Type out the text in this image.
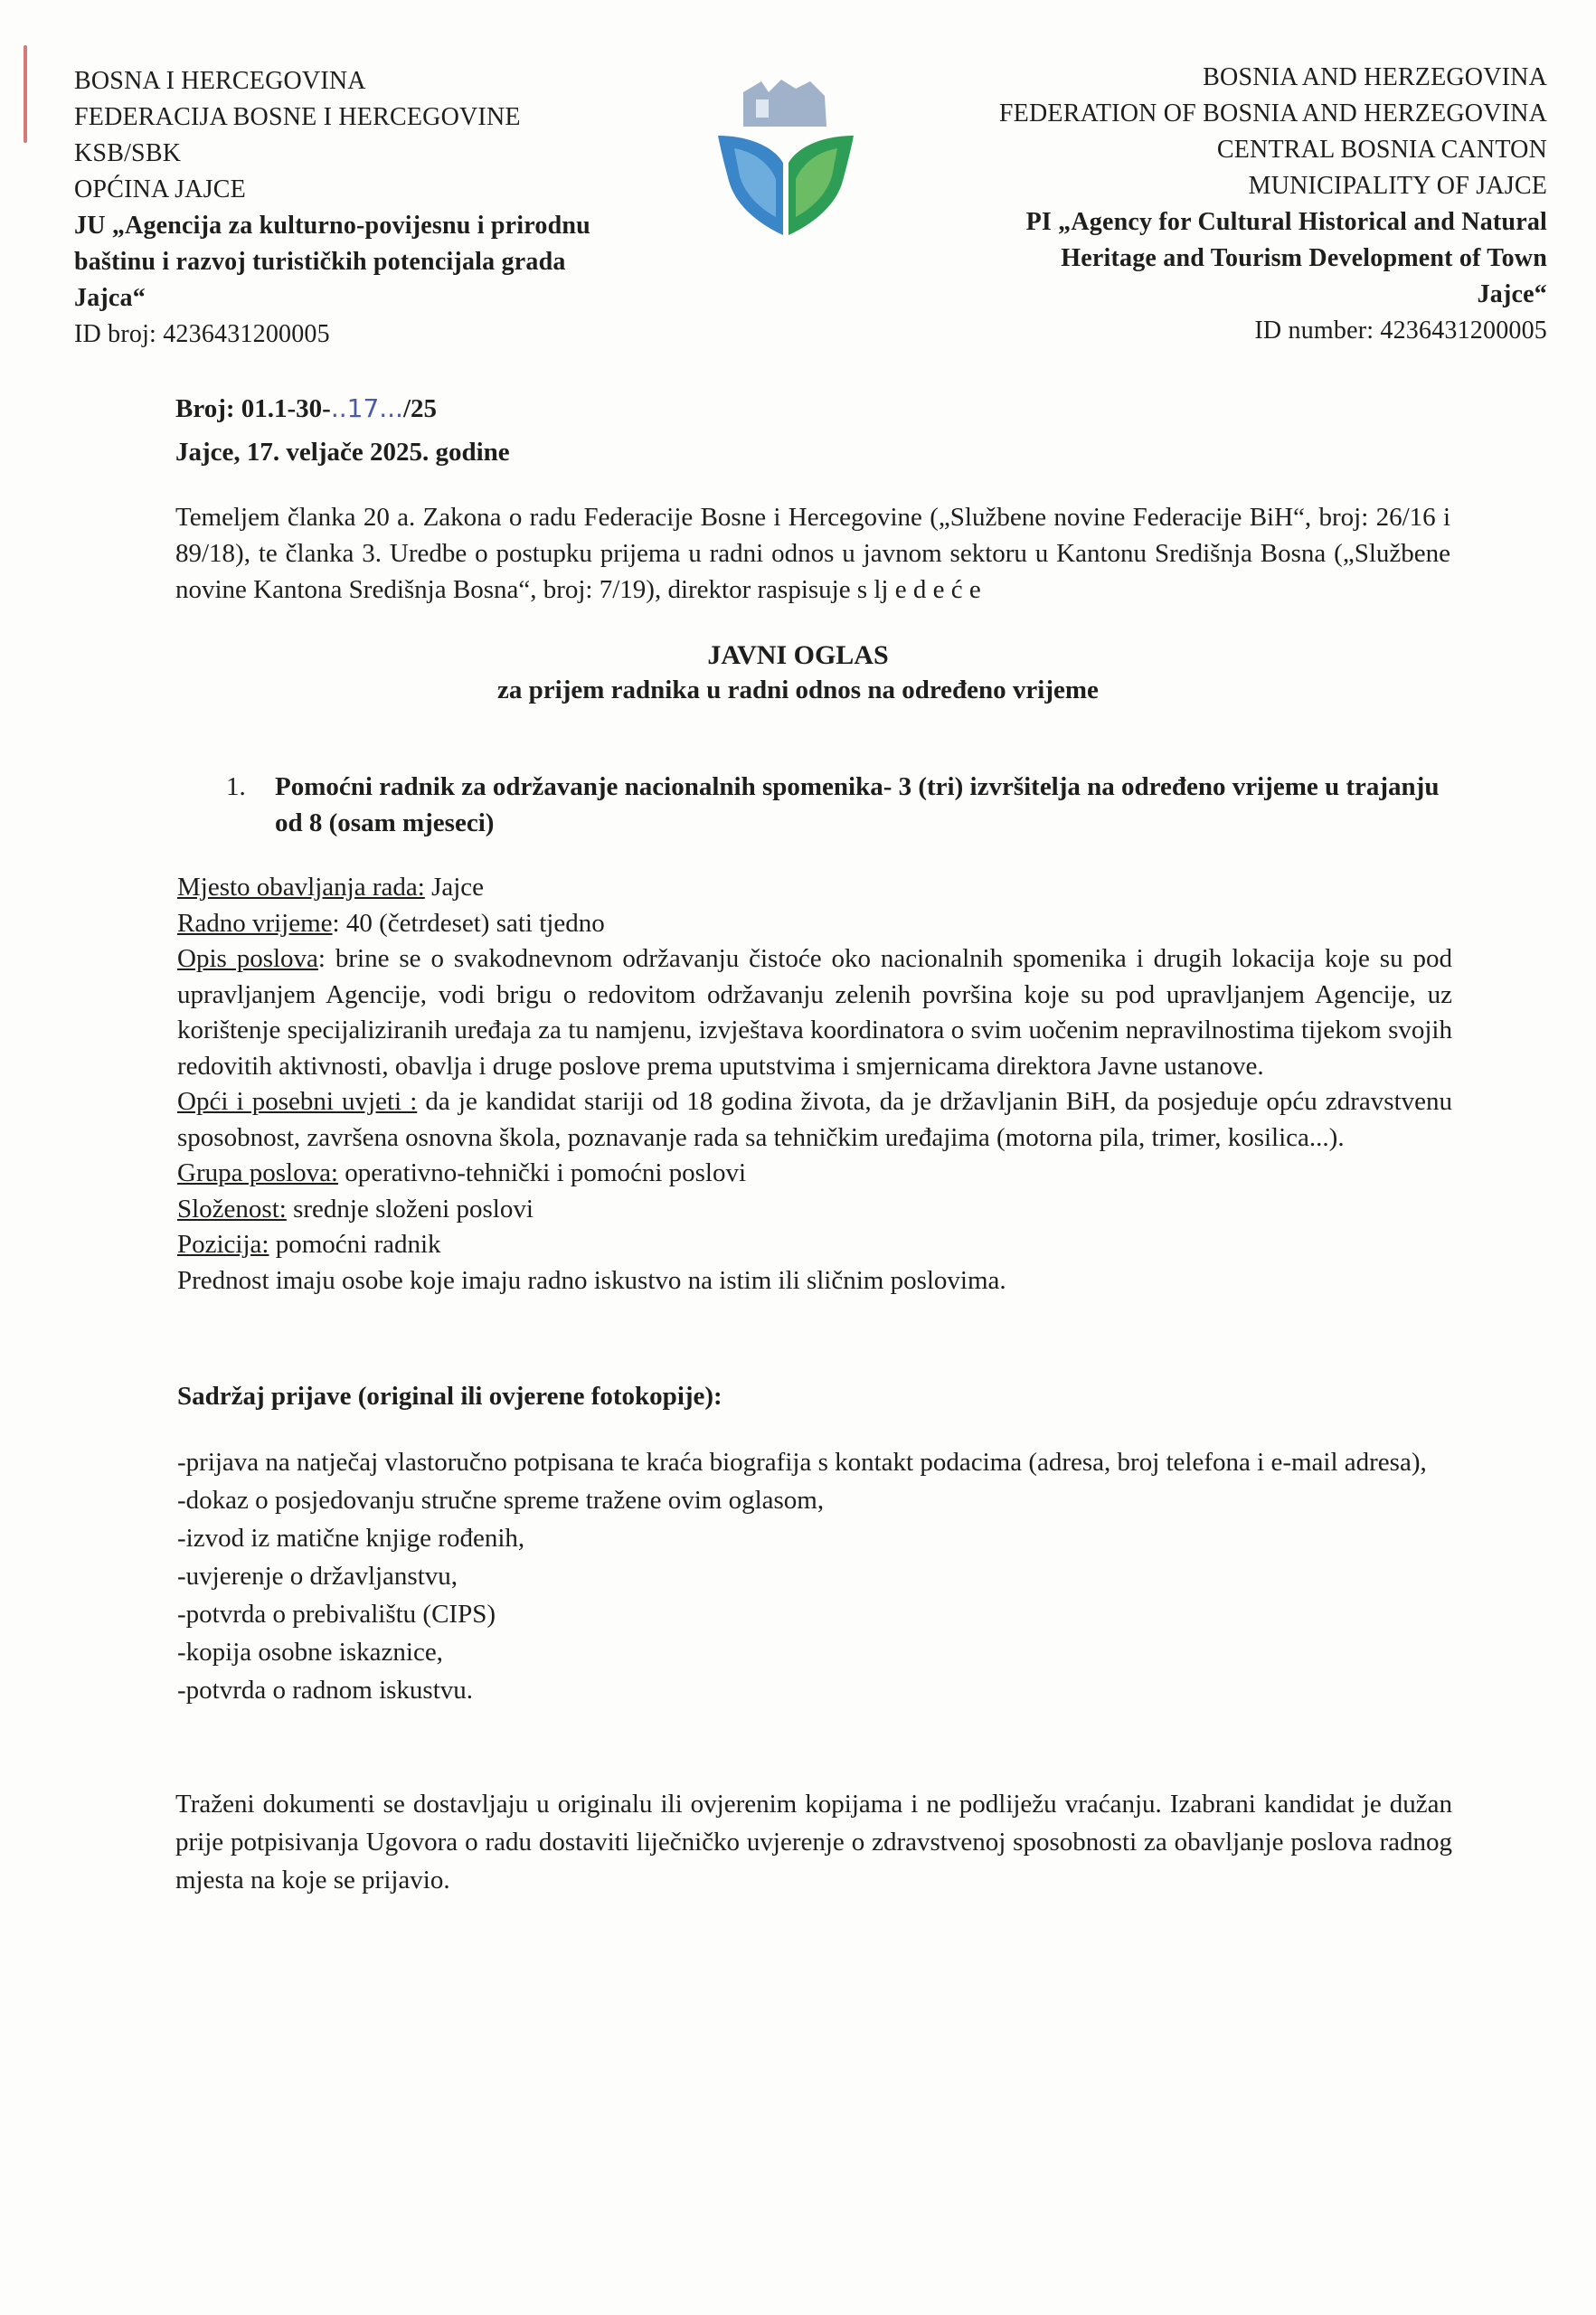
BOSNA I HERCEGOVINA
FEDERACIJA BOSNE I HERCEGOVINE
KSB/SBK
OPĆINA JAJCE
JU „Agencija za kulturno-povijesnu i prirodnu
baštinu i razvoj turističkih potencijala grada
Jajca“
ID broj: 4236431200005
BOSNIA AND HERZEGOVINA
FEDERATION OF BOSNIA AND HERZEGOVINA
CENTRAL BOSNIA CANTON
MUNICIPALITY OF JAJCE
PI „Agency for Cultural Historical and Natural
Heritage and Tourism Development of Town
Jajce“
ID number: 4236431200005
Broj: 01.1-30-..17.../25
Jajce, 17. veljače 2025. godine
Temeljem članka 20 a. Zakona o radu Federacije Bosne i Hercegovine („Službene novine Federacije BiH“, broj: 26/16 i 89/18), te članka 3. Uredbe o postupku prijema u radni odnos u javnom sektoru u Kantonu Središnja Bosna („Službene novine Kantona Središnja Bosna“, broj: 7/19), direktor raspisuje s lj e d e ć e
JAVNI OGLAS
za prijem radnika u radni odnos na određeno vrijeme
1.	Pomoćni radnik za održavanje nacionalnih spomenika- 3 (tri) izvršitelja na određeno vrijeme u trajanju od 8 (osam mjeseci)
Mjesto obavljanja rada: Jajce
Radno vrijeme: 40 (četrdeset) sati tjedno
Opis poslova: brine se o svakodnevnom održavanju čistoće oko nacionalnih spomenika i drugih lokacija koje su pod upravljanjem Agencije, vodi brigu o redovitom održavanju zelenih površina koje su pod upravljanjem Agencije, uz korištenje specijaliziranih uređaja za tu namjenu, izvještava koordinatora o svim uočenim nepravilnostima tijekom svojih redovitih aktivnosti, obavlja i druge poslove prema uputstvima i smjernicama direktora Javne ustanove.
Opći i posebni uvjeti : da je kandidat stariji od 18 godina života, da je državljanin BiH, da posjeduje opću zdravstvenu sposobnost, završena osnovna škola, poznavanje rada sa tehničkim uređajima (motorna pila, trimer, kosilica...).
Grupa poslova: operativno-tehnički i pomoćni poslovi
Složenost: srednje složeni poslovi
Pozicija: pomoćni radnik
Prednost imaju osobe koje imaju radno iskustvo na istim ili sličnim poslovima.
Sadržaj prijave (original ili ovjerene fotokopije):
-prijava na natječaj vlastoručno potpisana te kraća biografija s kontakt podacima (adresa, broj telefona i e-mail adresa),
-dokaz o posjedovanju stručne spreme tražene ovim oglasom,
-izvod iz matične knjige rođenih,
-uvjerenje o državljanstvu,
-potvrda o prebivalištu (CIPS)
-kopija osobne iskaznice,
-potvrda o radnom iskustvu.
Traženi dokumenti se dostavljaju u originalu ili ovjerenim kopijama i ne podliježu vraćanju. Izabrani kandidat je dužan prije potpisivanja Ugovora o radu dostaviti liječničko uvjerenje o zdravstvenoj sposobnosti za obavljanje poslova radnog mjesta na koje se prijavio.
